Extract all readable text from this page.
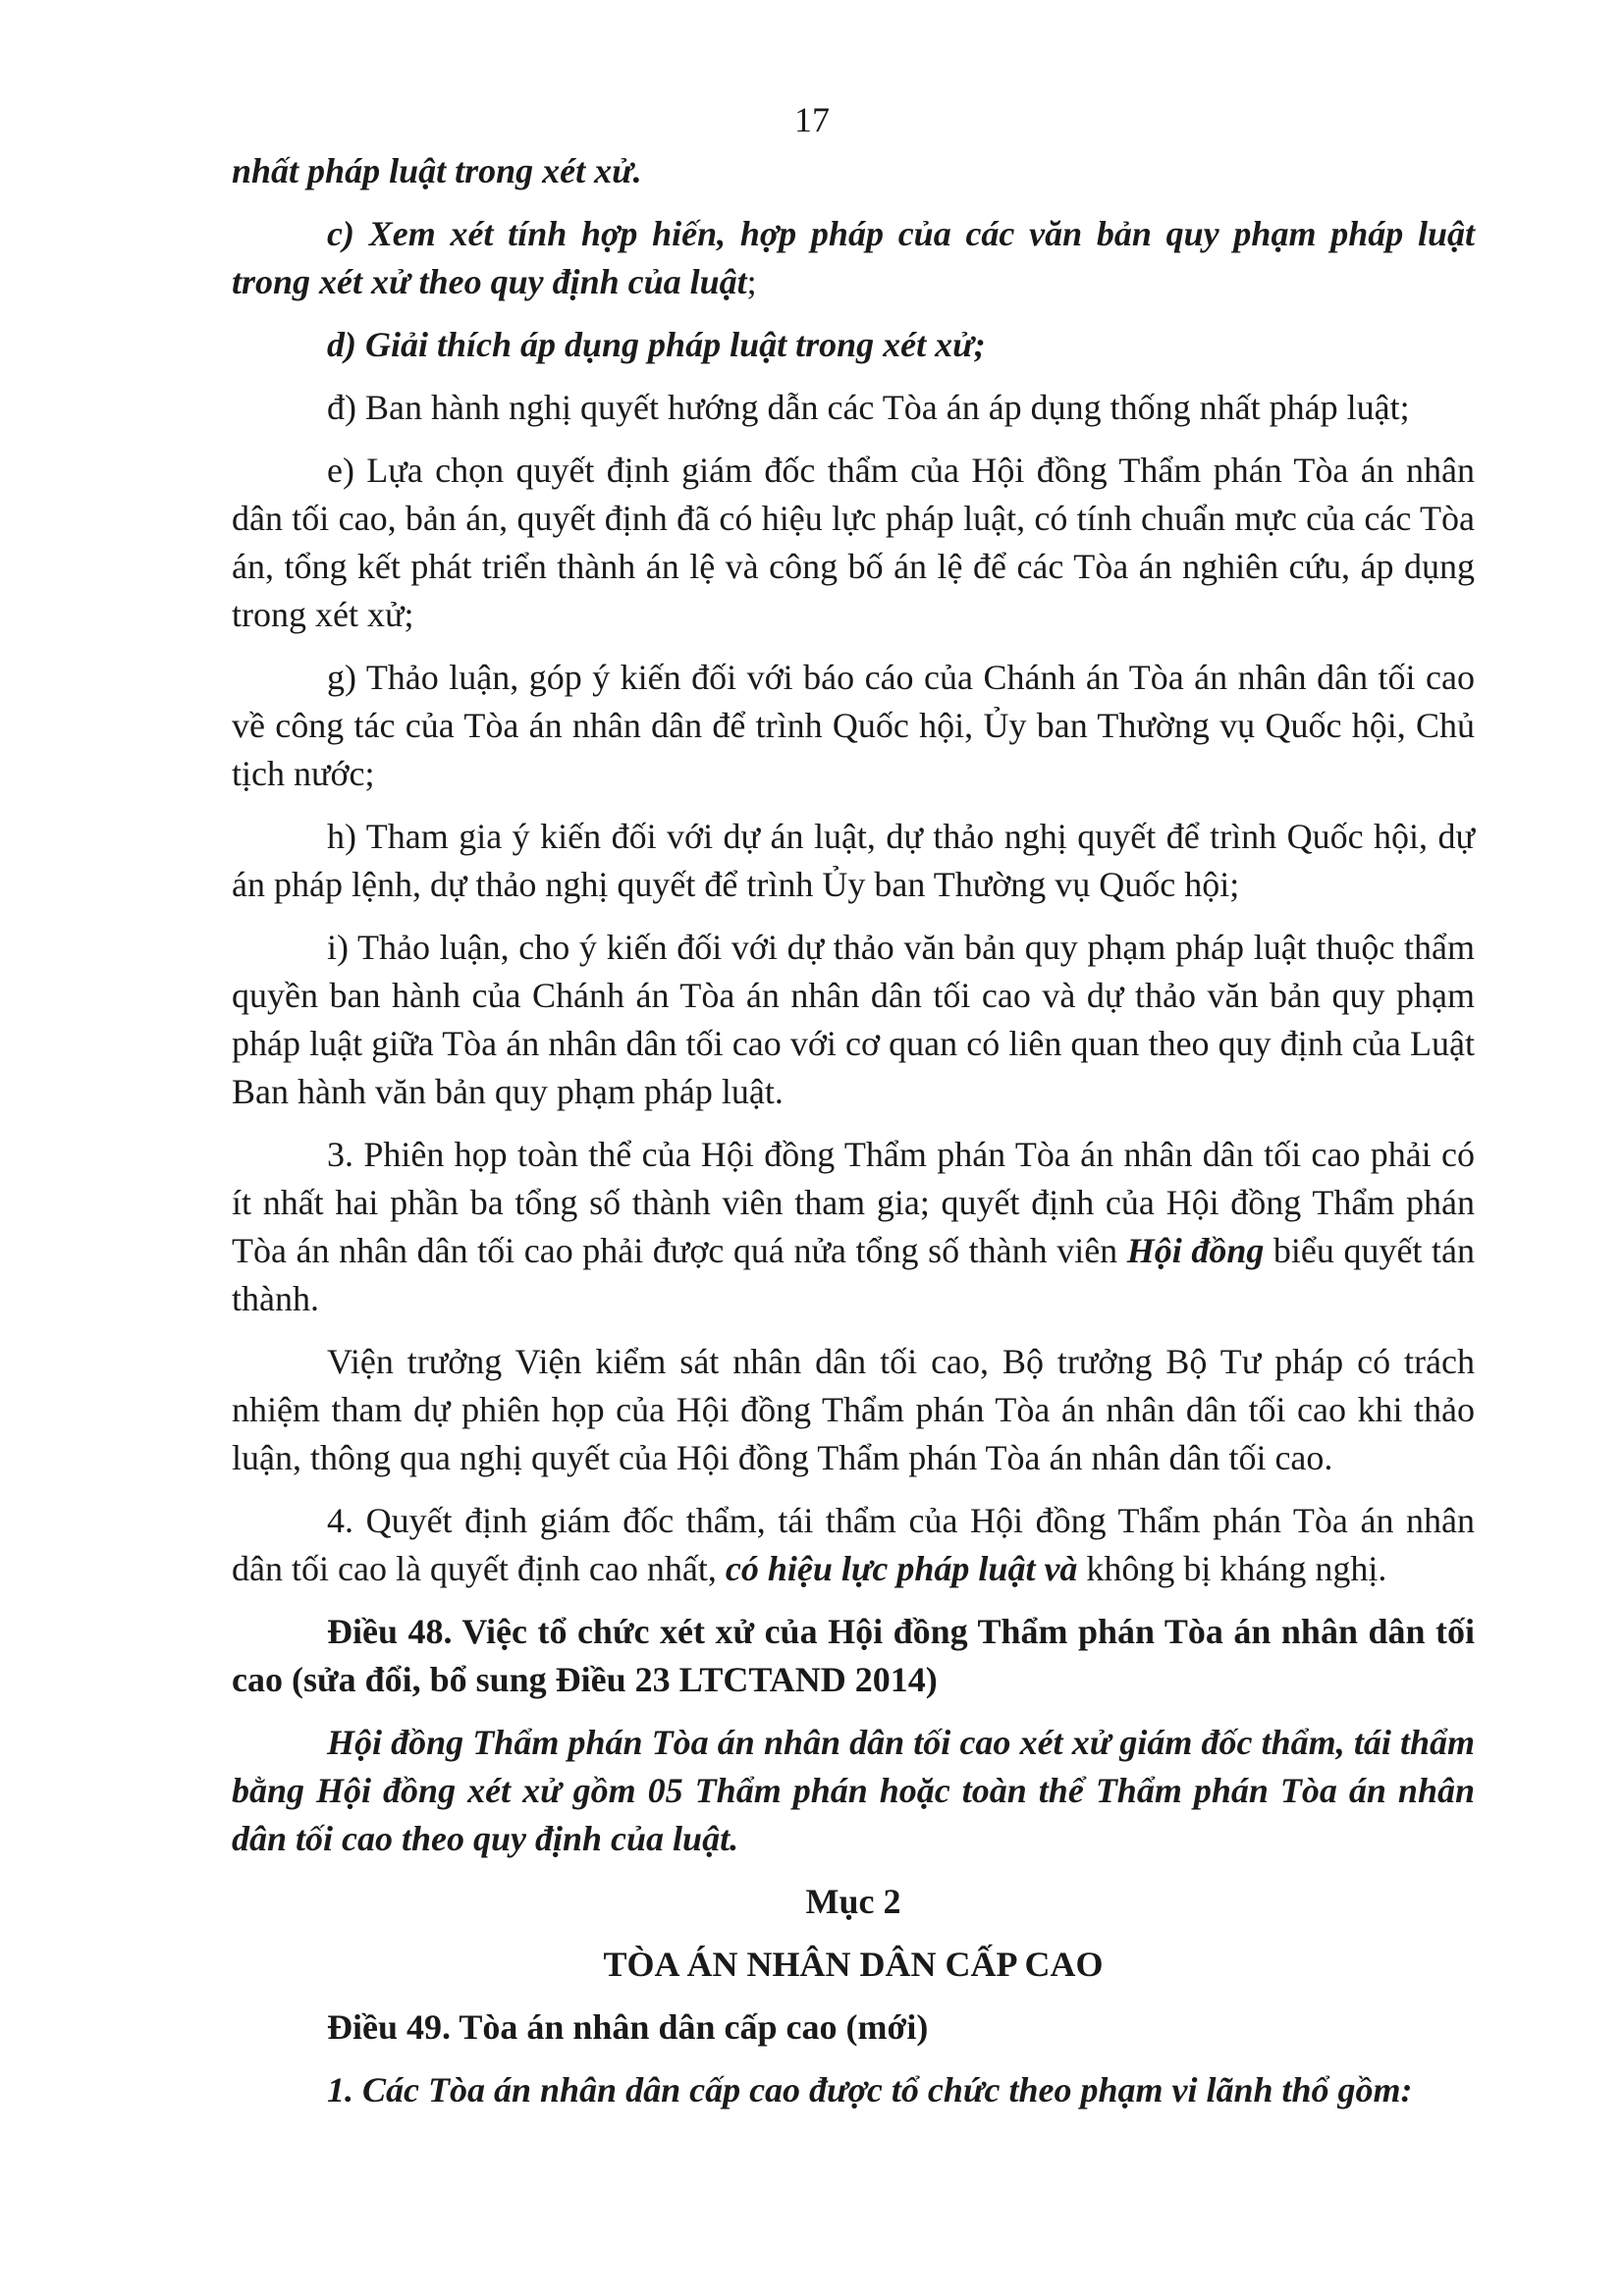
17

nhất pháp luật trong xét xử.

c) Xem xét tính hợp hiến, hợp pháp của các văn bản quy phạm pháp luật trong xét xử theo quy định của luật;

d) Giải thích áp dụng pháp luật trong xét xử;

đ) Ban hành nghị quyết hướng dẫn các Tòa án áp dụng thống nhất pháp luật;

e) Lựa chọn quyết định giám đốc thẩm của Hội đồng Thẩm phán Tòa án nhân dân tối cao, bản án, quyết định đã có hiệu lực pháp luật, có tính chuẩn mực của các Tòa án, tổng kết phát triển thành án lệ và công bố án lệ để các Tòa án nghiên cứu, áp dụng trong xét xử;

g) Thảo luận, góp ý kiến đối với báo cáo của Chánh án Tòa án nhân dân tối cao về công tác của Tòa án nhân dân để trình Quốc hội, Ủy ban Thường vụ Quốc hội, Chủ tịch nước;

h) Tham gia ý kiến đối với dự án luật, dự thảo nghị quyết để trình Quốc hội, dự án pháp lệnh, dự thảo nghị quyết để trình Ủy ban Thường vụ Quốc hội;

i) Thảo luận, cho ý kiến đối với dự thảo văn bản quy phạm pháp luật thuộc thẩm quyền ban hành của Chánh án Tòa án nhân dân tối cao và dự thảo văn bản quy phạm pháp luật giữa Tòa án nhân dân tối cao với cơ quan có liên quan theo quy định của Luật Ban hành văn bản quy phạm pháp luật.

3. Phiên họp toàn thể của Hội đồng Thẩm phán Tòa án nhân dân tối cao phải có ít nhất hai phần ba tổng số thành viên tham gia; quyết định của Hội đồng Thẩm phán Tòa án nhân dân tối cao phải được quá nửa tổng số thành viên Hội đồng biểu quyết tán thành.

Viện trưởng Viện kiểm sát nhân dân tối cao, Bộ trưởng Bộ Tư pháp có trách nhiệm tham dự phiên họp của Hội đồng Thẩm phán Tòa án nhân dân tối cao khi thảo luận, thông qua nghị quyết của Hội đồng Thẩm phán Tòa án nhân dân tối cao.

4. Quyết định giám đốc thẩm, tái thẩm của Hội đồng Thẩm phán Tòa án nhân dân tối cao là quyết định cao nhất, có hiệu lực pháp luật và không bị kháng nghị.

Điều 48. Việc tổ chức xét xử của Hội đồng Thẩm phán Tòa án nhân dân tối cao (sửa đổi, bổ sung Điều 23 LTCTAND 2014)

Hội đồng Thẩm phán Tòa án nhân dân tối cao xét xử giám đốc thẩm, tái thẩm bằng Hội đồng xét xử gồm 05 Thẩm phán hoặc toàn thể Thẩm phán Tòa án nhân dân tối cao theo quy định của luật.

Mục 2

TÒA ÁN NHÂN DÂN CẤP CAO

Điều 49. Tòa án nhân dân cấp cao (mới)

1. Các Tòa án nhân dân cấp cao được tổ chức theo phạm vi lãnh thổ gồm:
